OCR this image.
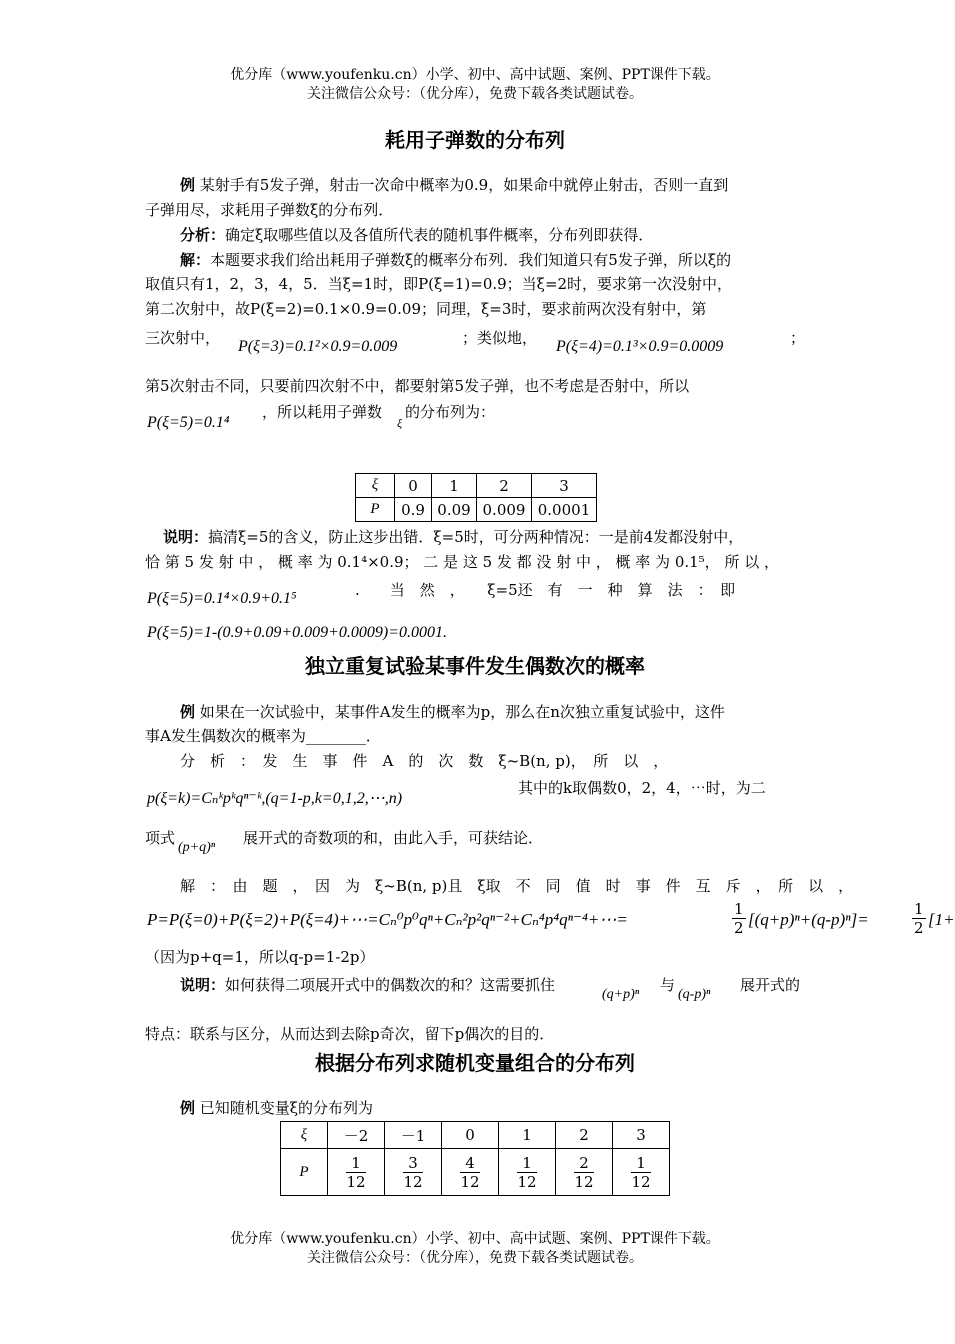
优分库（www.youfenku.cn）小学、初中、高中试题、案例、PPT课件下载。
关注微信公众号：（优分库），免费下载各类试题试卷。
耗用子弹数的分布列
例 某射手有5发子弹，射击一次命中概率为0.9，如果命中就停止射击，否则一直到
子弹用尽，求耗用子弹数ξ的分布列．
分析：确定ξ取哪些值以及各值所代表的随机事件概率，分布列即获得．
解：本题要求我们给出耗用子弹数ξ的概率分布列．我们知道只有5发子弹，所以ξ的
取值只有1，2，3，4，5．当ξ=1时，即P(ξ=1)=0.9；当ξ=2时，要求第一次没射中，
第二次射中，故P(ξ=2)=0.1×0.9=0.09；同理，ξ=3时，要求前两次没有射中，第
三次射中， P(ξ=3)=0.1²×0.9=0.009	；类似地， P(ξ=4)=0.1³×0.9=0.0009	；
第5次射击不同，只要前四次射不中，都要射第5发子弹，也不考虑是否射中，所以
P(ξ=5)=0.1⁴
，所以耗用子弹数
ξ
的分布列为：
ξ	0	1	2	3
P	0.9	0.09	0.009	0.0001
说明：搞清ξ=5的含义，防止这步出错．ξ=5时，可分两种情况：一是前4发都没射中，
恰 第 5 发 射 中 ， 概 率 为 0.1⁴×0.9； 二 是 这 5 发 都 没 射 中 ， 概 率 为 0.1⁵， 所 以 ，
P(ξ=5)=0.1⁴×0.9+0.1⁵	.　　当　然　，　　ξ=5还　有　一　种　算　法　：　即
P(ξ=5)=1-(0.9+0.09+0.009+0.0009)=0.0001.
独立重复试验某事件发生偶数次的概率
例 如果在一次试验中，某事件A发生的概率为p，那么在n次独立重复试验中，这件
事A发生偶数次的概率为________．
分　析　：　发　生　事　件　A　的　次　数　ξ~B(n, p)，　所　以　，
p(ξ=k)=Cₙᵏpᵏqⁿ⁻ᵏ,(q=1-p,k=0,1,2,⋯,n)
其中的k取偶数0，2，4，⋯时，为二
项式
(p+q)ⁿ
展开式的奇数项的和，由此入手，可获结论．
解　：　由　题　，　因　为　ξ~B(n, p)且　ξ取　不　同　值　时　事　件　互　斥　，　所　以　，
P=P(ξ=0)+P(ξ=2)+P(ξ=4)+⋯=Cₙ⁰p⁰qⁿ+Cₙ²p²qⁿ⁻²+Cₙ⁴p⁴qⁿ⁻⁴+⋯=	$\frac{1}{2} [(q+p)^n+(q-p)^n]=$	$\frac{1}{2} [1+$
（因为p+q=1，所以q-p=1-2p）
说明：如何获得二项展开式中的偶数次的和？这需要抓住
(q+p)ⁿ
与
(q-p)ⁿ
展开式的
特点：联系与区分，从而达到去除p奇次，留下p偶次的目的．
根据分布列求随机变量组合的分布列
例 已知随机变量ξ的分布列为
ξ	－2	－1	0	1	2	3
P	$\frac{1}{12}$	$\frac{3}{12}$	$\frac{4}{12}$	$\frac{1}{12}$	$\frac{2}{12}$	$\frac{1}{12}$
优分库（www.youfenku.cn）小学、初中、高中试题、案例、PPT课件下载。
关注微信公众号：（优分库），免费下载各类试题试卷。
